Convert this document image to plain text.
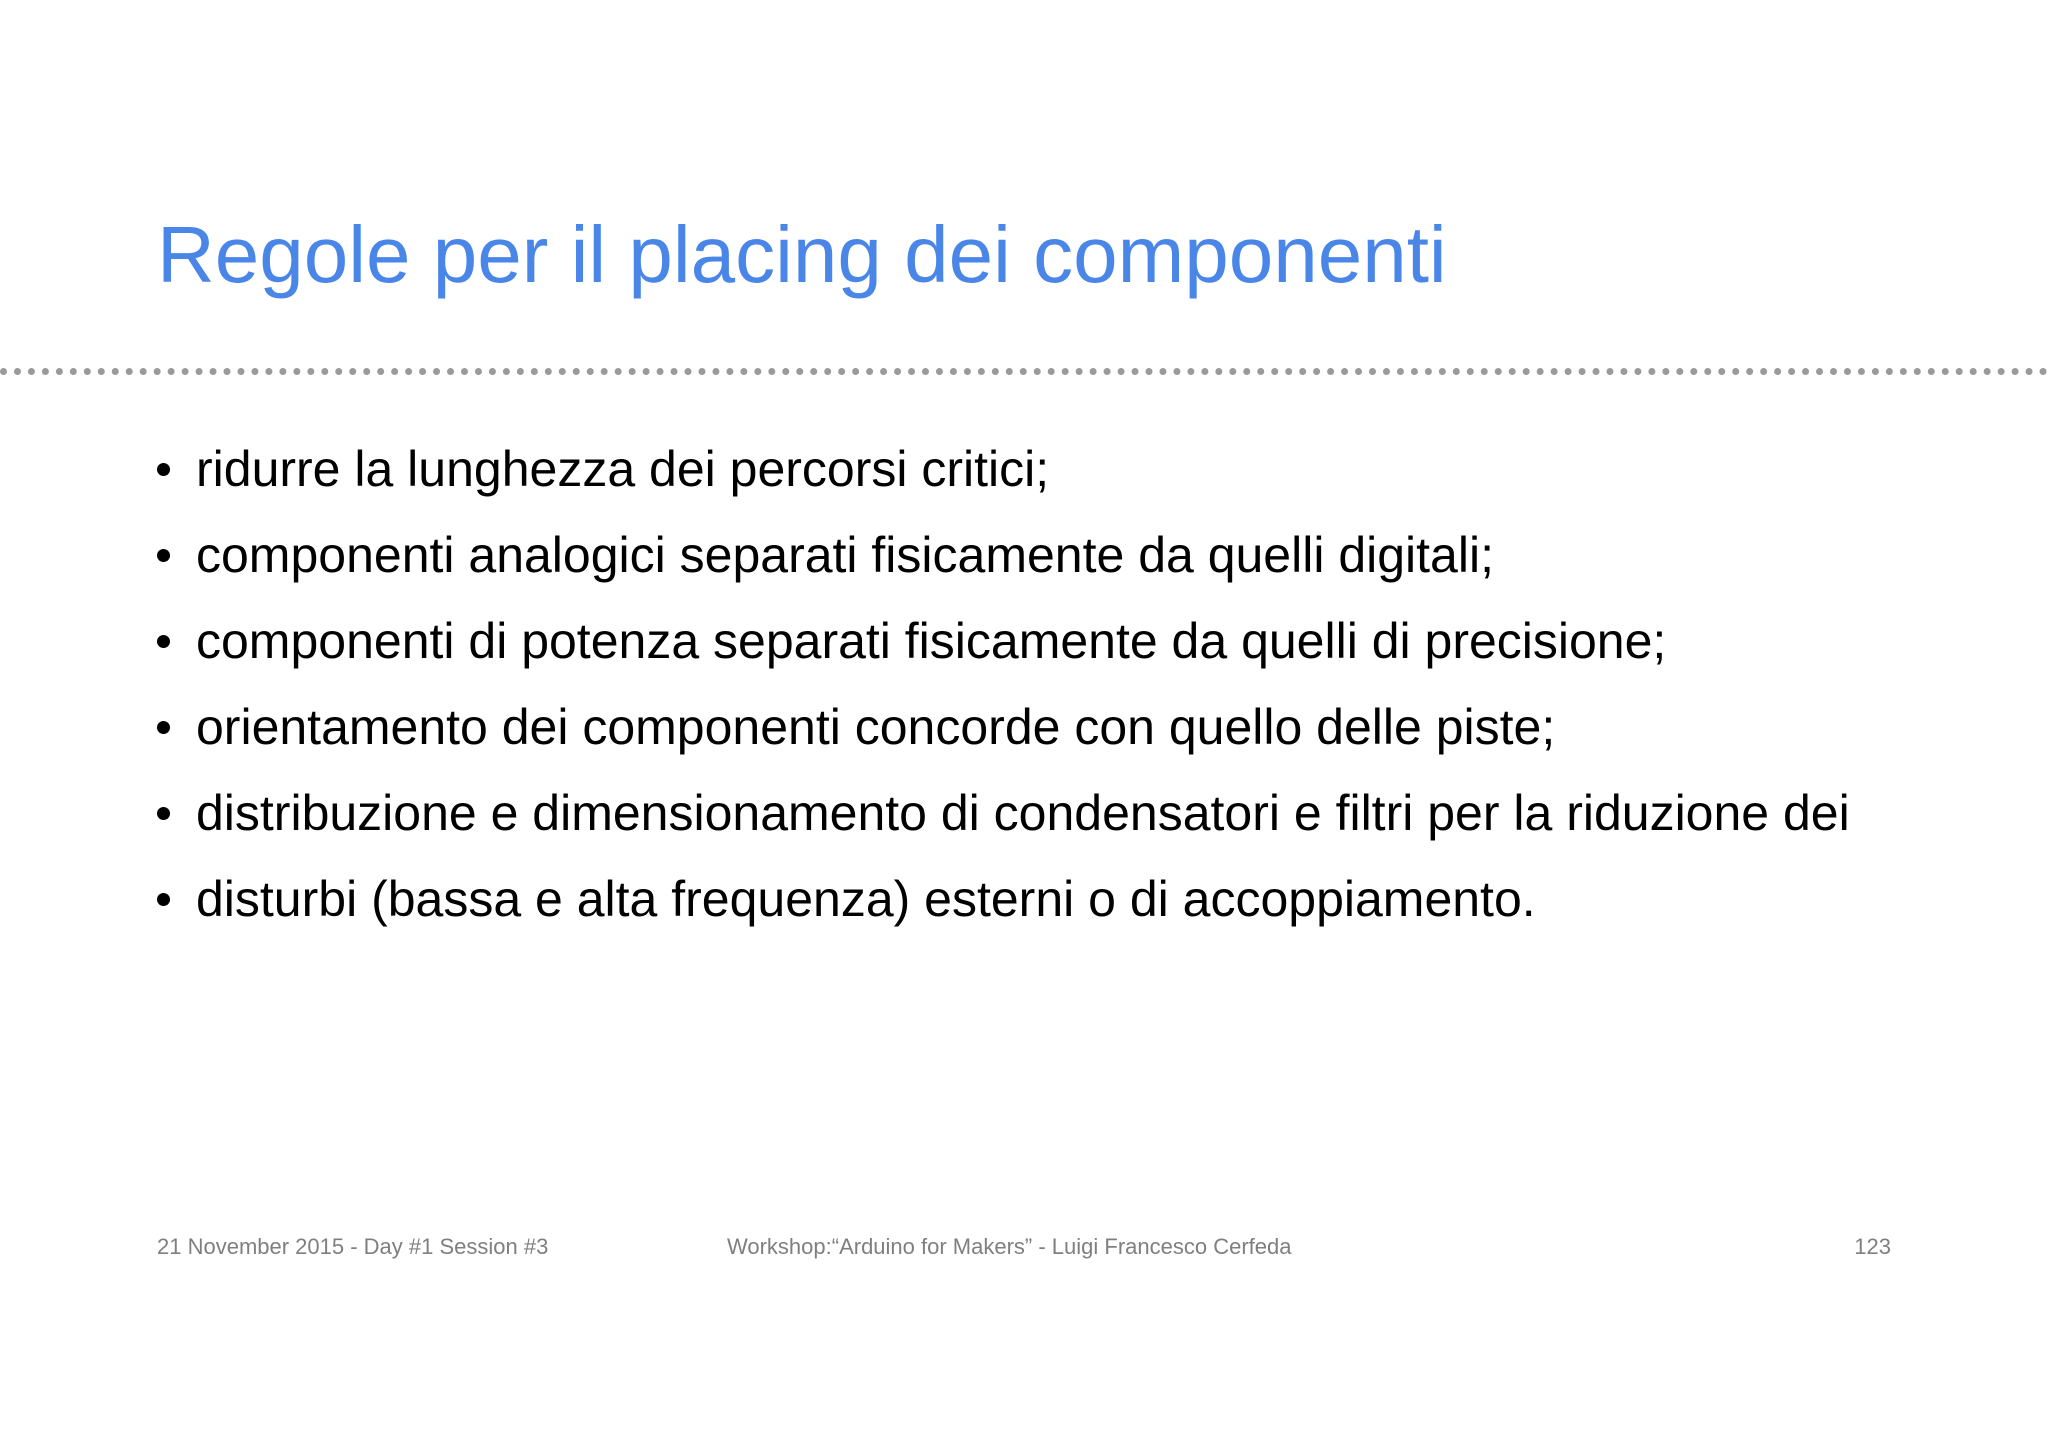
Regole per il placing dei componenti
ridurre la lunghezza dei percorsi critici;
componenti analogici separati fisicamente da quelli digitali;
componenti di potenza separati fisicamente da quelli di precisione;
orientamento dei componenti concorde con quello delle piste;
distribuzione e dimensionamento di condensatori e filtri per la riduzione dei
disturbi (bassa e alta frequenza) esterni o di accoppiamento.
21 November 2015 - Day #1 Session #3	Workshop:“Arduino for Makers” - Luigi Francesco Cerfeda	123
